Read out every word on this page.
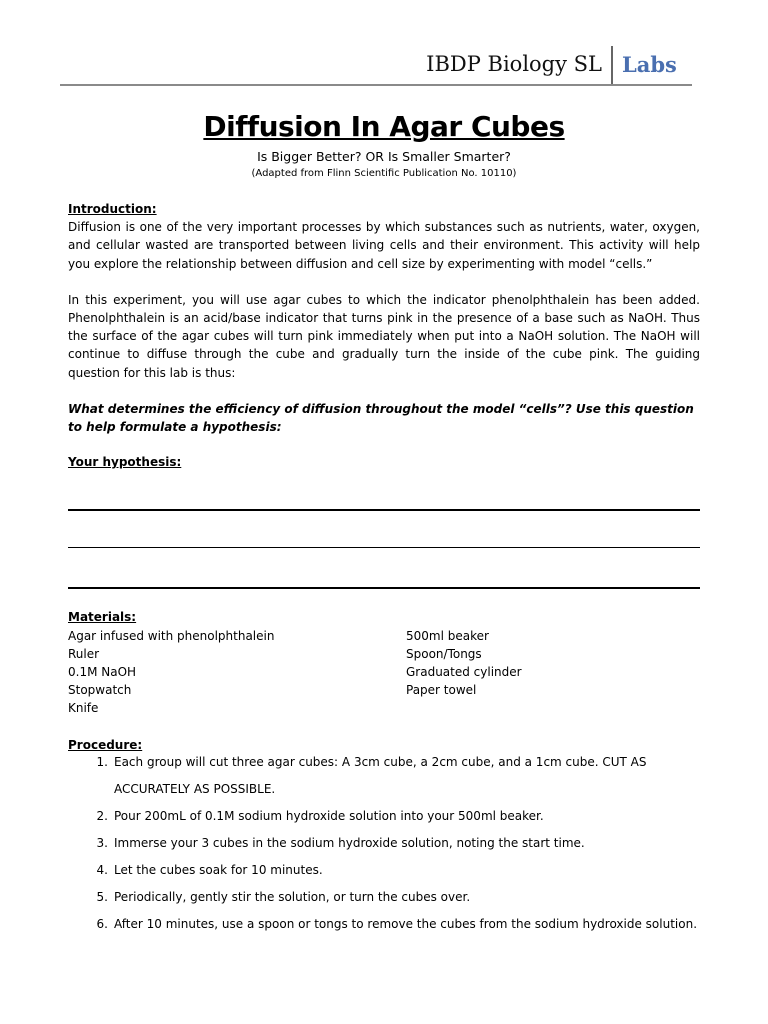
IBDP Biology SL Labs
Diffusion In Agar Cubes
Is Bigger Better? OR Is Smaller Smarter?
(Adapted from Flinn Scientific Publication No. 10110)
Introduction:
Diffusion is one of the very important processes by which substances such as nutrients, water, oxygen, and cellular wasted are transported between living cells and their environment. This activity will help you explore the relationship between diffusion and cell size by experimenting with model “cells.”
In this experiment, you will use agar cubes to which the indicator phenolphthalein has been added. Phenolphthalein is an acid/base indicator that turns pink in the presence of a base such as NaOH. Thus the surface of the agar cubes will turn pink immediately when put into a NaOH solution. The NaOH will continue to diffuse through the cube and gradually turn the inside of the cube pink. The guiding question for this lab is thus:
What determines the efficiency of diffusion throughout the model “cells”? Use this question to help formulate a hypothesis:
Your hypothesis:
Materials:
Agar infused with phenolphthalein
Ruler
0.1M NaOH
Stopwatch
Knife
500ml beaker
Spoon/Tongs
Graduated cylinder
Paper towel
Procedure:
1. Each group will cut three agar cubes: A 3cm cube, a 2cm cube, and a 1cm cube. CUT AS
ACCURATELY AS POSSIBLE.
2. Pour 200mL of 0.1M sodium hydroxide solution into your 500ml beaker.
3. Immerse your 3 cubes in the sodium hydroxide solution, noting the start time.
4. Let the cubes soak for 10 minutes.
5. Periodically, gently stir the solution, or turn the cubes over.
6. After 10 minutes, use a spoon or tongs to remove the cubes from the sodium hydroxide solution.
